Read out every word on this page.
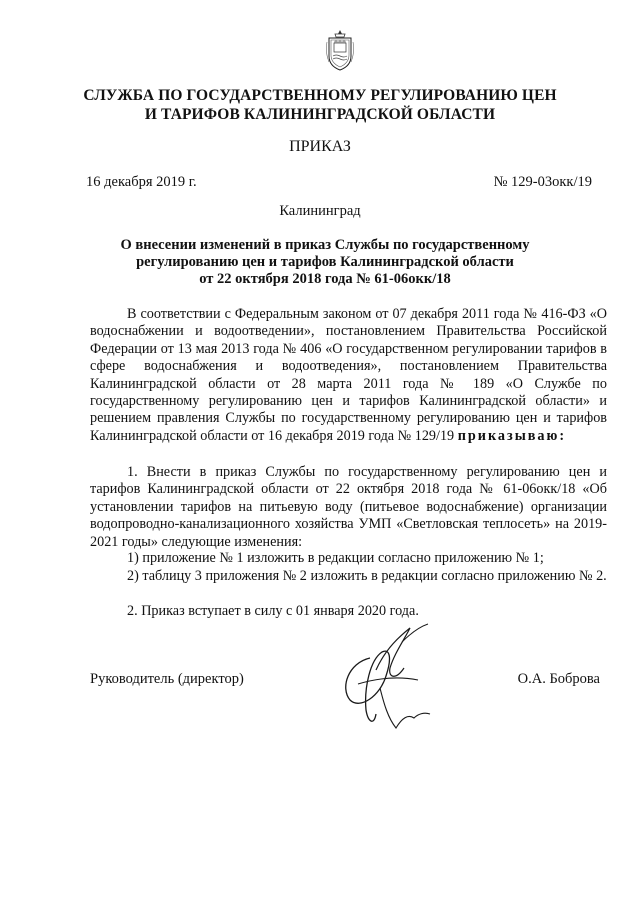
СЛУЖБА ПО ГОСУДАРСТВЕННОМУ РЕГУЛИРОВАНИЮ ЦЕН
И ТАРИФОВ КАЛИНИНГРАДСКОЙ ОБЛАСТИ
ПРИКАЗ
16 декабря 2019 г.	№ 129-03окк/19
Калининград
О внесении изменений в приказ Службы по государственному
регулированию цен и тарифов Калининградской области
от 22 октября 2018 года № 61-06окк/18
В соответствии с Федеральным законом от 07 декабря 2011 года № 416-ФЗ «О водоснабжении и водоотведении», постановлением Правительства Российской Федерации от 13 мая 2013 года № 406 «О государственном регулировании тарифов в сфере водоснабжения и водоотведения», постановлением Правительства Калининградской области от 28 марта 2011 года № 189 «О Службе по государственному регулированию цен и тарифов Калининградской области» и решением правления Службы по государственному регулированию цен и тарифов Калининградской области от 16 декабря 2019 года № 129/19 приказываю:
1. Внести в приказ Службы по государственному регулированию цен и тарифов Калининградской области от 22 октября 2018 года № 61-06окк/18 «Об установлении тарифов на питьевую воду (питьевое водоснабжение) организации водопроводно-канализационного хозяйства УМП «Светловская теплосеть» на 2019-2021 годы» следующие изменения:
1) приложение № 1 изложить в редакции согласно приложению № 1;
2) таблицу 3 приложения № 2 изложить в редакции согласно приложению № 2.
2. Приказ вступает в силу с 01 января 2020 года.
Руководитель (директор)	О.А. Боброва
